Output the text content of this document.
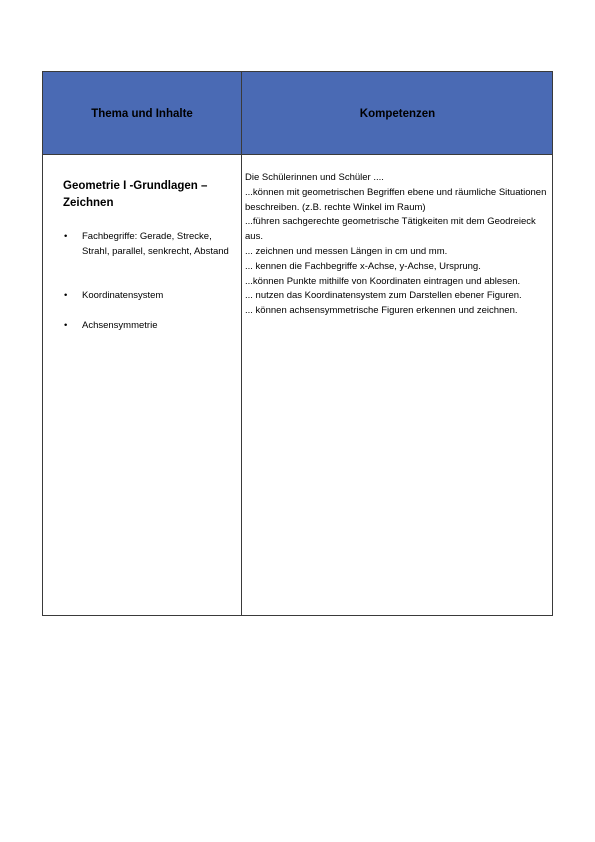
Thema und Inhalte	Kompetenzen

Geometrie I -Grundlagen –
Zeichnen

• Fachbegriffe: Gerade, Strecke, Strahl, parallel, senkrecht, Abstand
• Koordinatensystem
• Achsensymmetrie

Die Schülerinnen und Schüler ....

...können mit geometrischen Begriffen ebene und räumliche Situationen beschreiben. (z.B. rechte Winkel im Raum)

...führen sachgerechte geometrische Tätigkeiten mit dem Geodreieck aus.

... zeichnen und messen Längen in cm und mm.

... kennen die Fachbegriffe x-Achse, y-Achse, Ursprung.

...können Punkte mithilfe von Koordinaten eintragen und ablesen.

... nutzen das Koordinatensystem zum Darstellen ebener Figuren.

... können achsensymmetrische Figuren erkennen und zeichnen.
